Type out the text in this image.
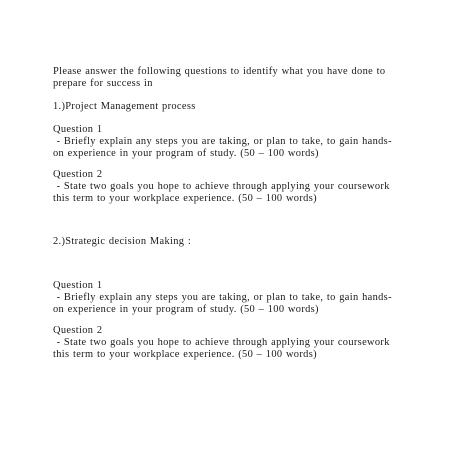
Please answer the following questions to identify what you have done to prepare for success in

1.)Project Management process

Question 1

- Briefly explain any steps you are taking, or plan to take, to gain hands-on experience in your program of study. (50 – 100 words)

Question 2

- State two goals you hope to achieve through applying your coursework this term to your workplace experience. (50 – 100 words)

2.)Strategic decision Making :

Question 1

- Briefly explain any steps you are taking, or plan to take, to gain hands-on experience in your program of study. (50 – 100 words)

Question 2

- State two goals you hope to achieve through applying your coursework this term to your workplace experience. (50 – 100 words)
